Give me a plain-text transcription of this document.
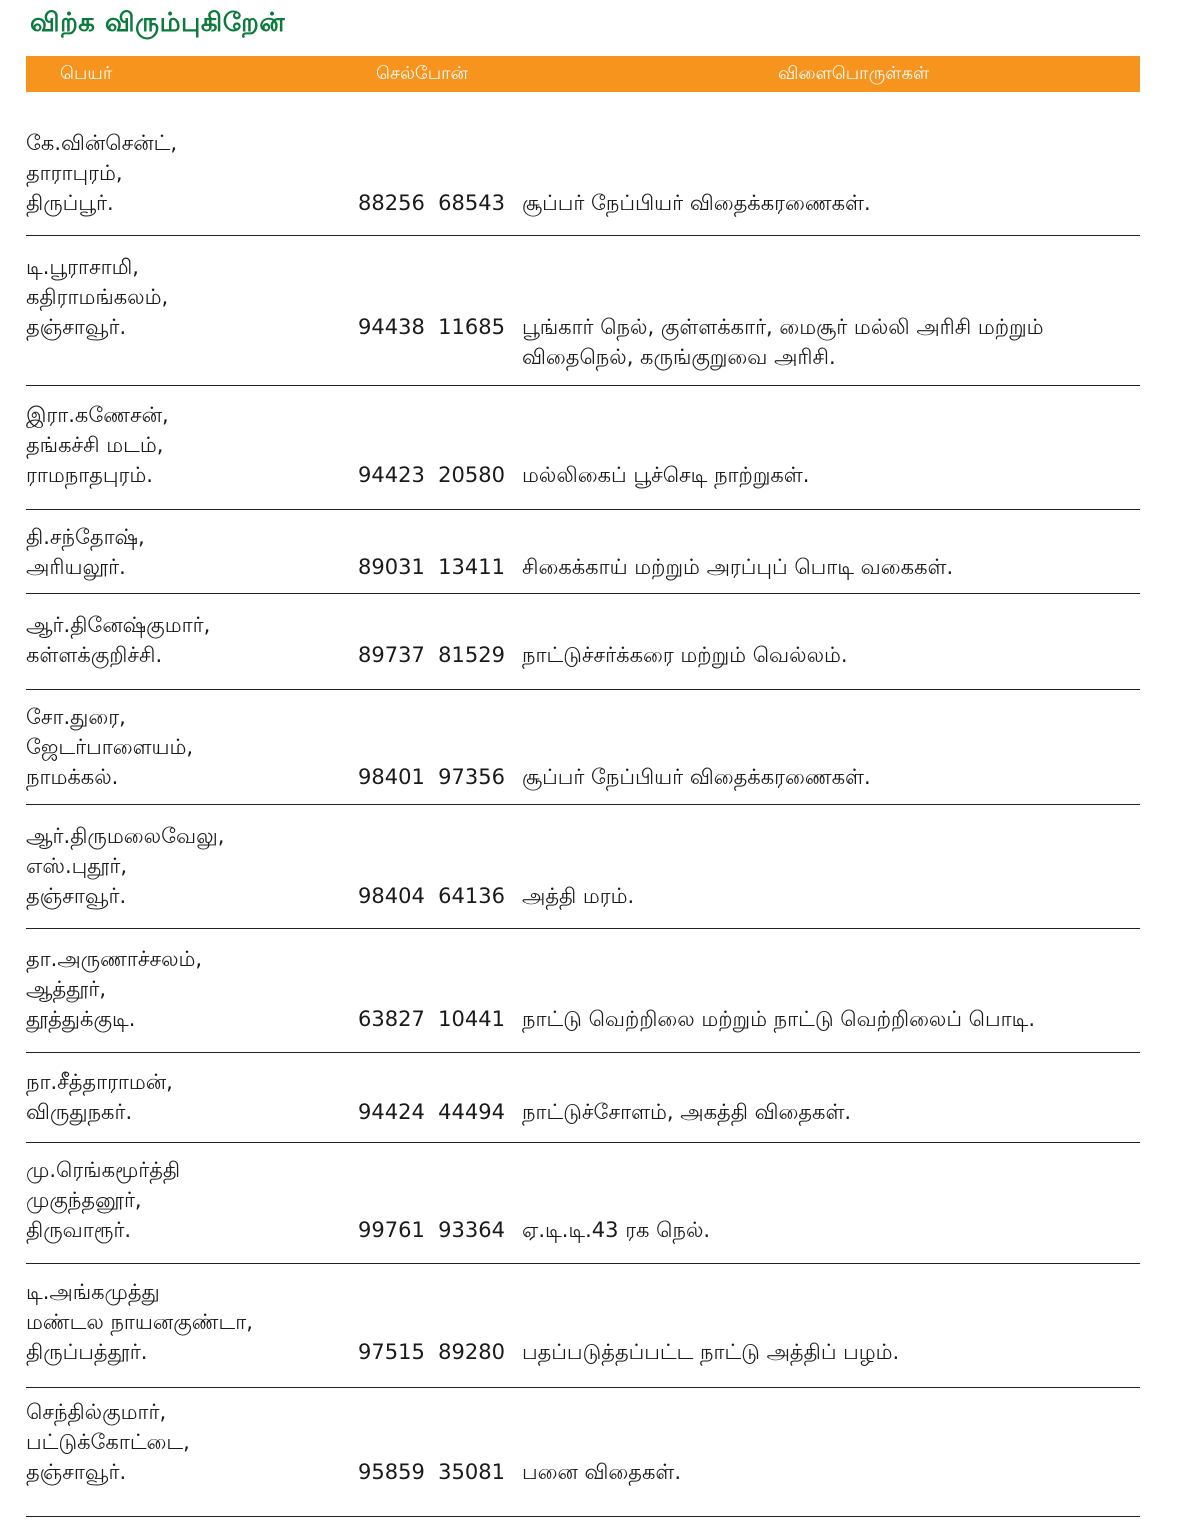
விற்க விரும்புகிறேன்
பெயர்	செல்போன்	விளைபொருள்கள்
கே.வின்சென்ட்,
தாராபுரம்,
திருப்பூர்.	88256  68543 சூப்பர் நேப்பியர் விதைக்கரணைகள்.
டி.பூராசாமி,
கதிராமங்கலம்,
தஞ்சாவூர்.	94438  11685 பூங்கார் நெல், குள்ளக்கார், மைசூர் மல்லி அரிசி மற்றும்
விதைநெல், கருங்குறுவை அரிசி.
இரா.கணேசன்,
தங்கச்சி மடம்,
ராமநாதபுரம்.	94423  20580 மல்லிகைப் பூச்செடி நாற்றுகள்.
தி.சந்தோஷ்,
அரியலூர்.	89031  13411 சிகைக்காய் மற்றும் அரப்புப் பொடி வகைகள்.
ஆர்.தினேஷ்குமார்,
கள்ளக்குறிச்சி.	89737  81529 நாட்டுச்சர்க்கரை மற்றும் வெல்லம்.
சோ.துரை,
ஜேடர்பாளையம்,
நாமக்கல்.	98401  97356 சூப்பர் நேப்பியர் விதைக்கரணைகள்.
ஆர்.திருமலைவேலு,
எஸ்.புதூர்,
தஞ்சாவூர்.	98404  64136 அத்தி மரம்.
தா.அருணாச்சலம்,
ஆத்தூர்,
தூத்துக்குடி.	63827  10441 நாட்டு வெற்றிலை மற்றும் நாட்டு வெற்றிலைப் பொடி.
நா.சீத்தாராமன்,
விருதுநகர்.	94424  44494 நாட்டுச்சோளம், அகத்தி விதைகள்.
மு.ரெங்கமூர்த்தி
முகுந்தனூர்,
திருவாரூர்.	99761  93364 ஏ.டி.டி.43 ரக நெல்.
டி.அங்கமுத்து
மண்டல நாயனகுண்டா,
திருப்பத்தூர்.	97515  89280 பதப்படுத்தப்பட்ட நாட்டு அத்திப் பழம்.
செந்தில்குமார்,
பட்டுக்கோட்டை,
தஞ்சாவூர்.	95859  35081 பனை விதைகள்.
